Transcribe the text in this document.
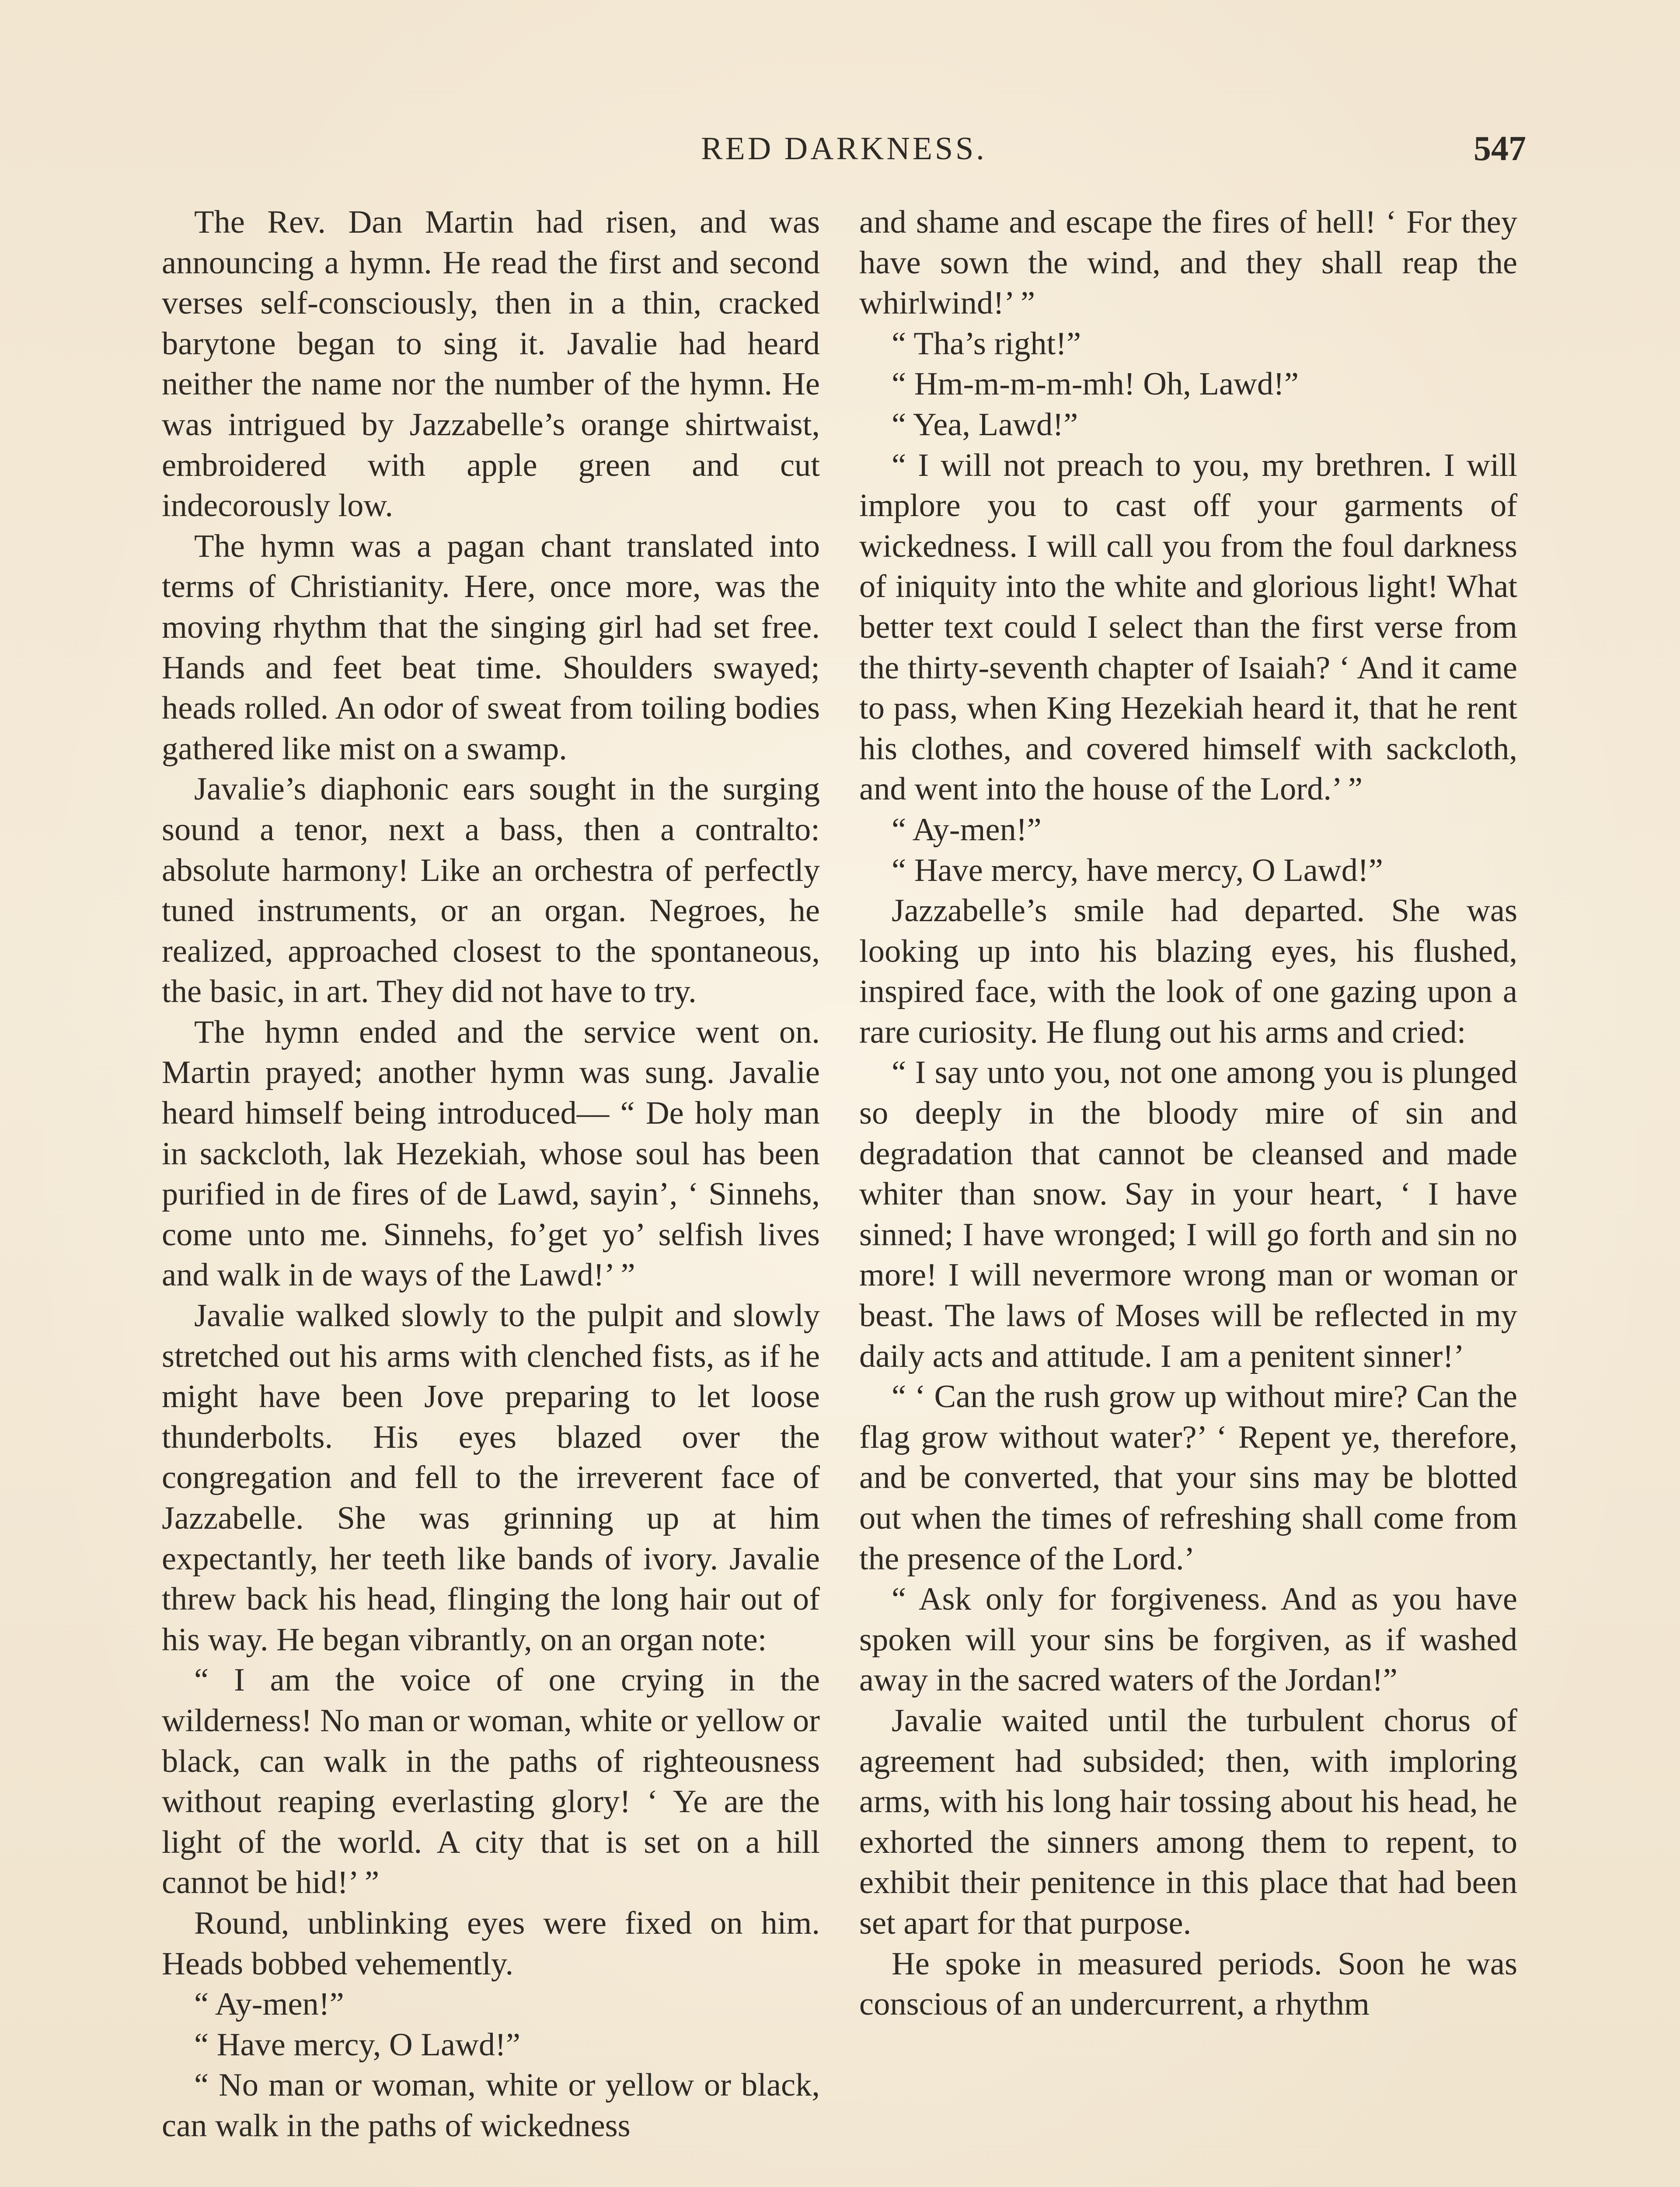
RED DARKNESS.	547

The Rev. Dan Martin had risen, and was announcing a hymn. He read the first and second verses self-consciously, then in a thin, cracked barytone began to sing it. Javalie had heard neither the name nor the number of the hymn. He was intrigued by Jazzabelle’s orange shirtwaist, embroidered with apple green and cut indecorously low.

The hymn was a pagan chant translated into terms of Christianity. Here, once more, was the moving rhythm that the singing girl had set free. Hands and feet beat time. Shoulders swayed; heads rolled. An odor of sweat from toiling bodies gathered like mist on a swamp.

Javalie’s diaphonic ears sought in the surging sound a tenor, next a bass, then a contralto: absolute harmony! Like an orchestra of perfectly tuned instruments, or an organ. Negroes, he realized, approached closest to the spontaneous, the basic, in art. They did not have to try.

The hymn ended and the service went on. Martin prayed; another hymn was sung. Javalie heard himself being introduced— “ De holy man in sackcloth, lak Hezekiah, whose soul has been purified in de fires of de Lawd, sayin’, ‘ Sinnehs, come unto me. Sinnehs, fo’get yo’ selfish lives and walk in de ways of the Lawd!’ ”

Javalie walked slowly to the pulpit and slowly stretched out his arms with clenched fists, as if he might have been Jove preparing to let loose thunderbolts. His eyes blazed over the congregation and fell to the irreverent face of Jazzabelle. She was grinning up at him expectantly, her teeth like bands of ivory. Javalie threw back his head, flinging the long hair out of his way. He began vibrantly, on an organ note:

“ I am the voice of one crying in the wilderness! No man or woman, white or yellow or black, can walk in the paths of righteousness without reaping everlasting glory! ‘ Ye are the light of the world. A city that is set on a hill cannot be hid!’ ”

Round, unblinking eyes were fixed on him. Heads bobbed vehemently.

“ Ay-men!”

“ Have mercy, O Lawd!”

“ No man or woman, white or yellow or black, can walk in the paths of wickedness

and shame and escape the fires of hell! ‘ For they have sown the wind, and they shall reap the whirlwind!’ ”

“ Tha’s right!”

“ Hm-m-m-m-mh! Oh, Lawd!”

“ Yea, Lawd!”

“ I will not preach to you, my brethren. I will implore you to cast off your garments of wickedness. I will call you from the foul darkness of iniquity into the white and glorious light! What better text could I select than the first verse from the thirty-seventh chapter of Isaiah? ‘ And it came to pass, when King Hezekiah heard it, that he rent his clothes, and covered himself with sackcloth, and went into the house of the Lord.’ ”

“ Ay-men!”

“ Have mercy, have mercy, O Lawd!”

Jazzabelle’s smile had departed. She was looking up into his blazing eyes, his flushed, inspired face, with the look of one gazing upon a rare curiosity. He flung out his arms and cried:

“ I say unto you, not one among you is plunged so deeply in the bloody mire of sin and degradation that cannot be cleansed and made whiter than snow. Say in your heart, ‘ I have sinned; I have wronged; I will go forth and sin no more! I will nevermore wrong man or woman or beast. The laws of Moses will be reflected in my daily acts and attitude. I am a penitent sinner!’

“ ‘ Can the rush grow up without mire? Can the flag grow without water?’ ‘ Repent ye, therefore, and be converted, that your sins may be blotted out when the times of refreshing shall come from the presence of the Lord.’

“ Ask only for forgiveness. And as you have spoken will your sins be forgiven, as if washed away in the sacred waters of the Jordan!”

Javalie waited until the turbulent chorus of agreement had subsided; then, with imploring arms, with his long hair tossing about his head, he exhorted the sinners among them to repent, to exhibit their penitence in this place that had been set apart for that purpose.

He spoke in measured periods. Soon he was conscious of an undercurrent, a rhythm
